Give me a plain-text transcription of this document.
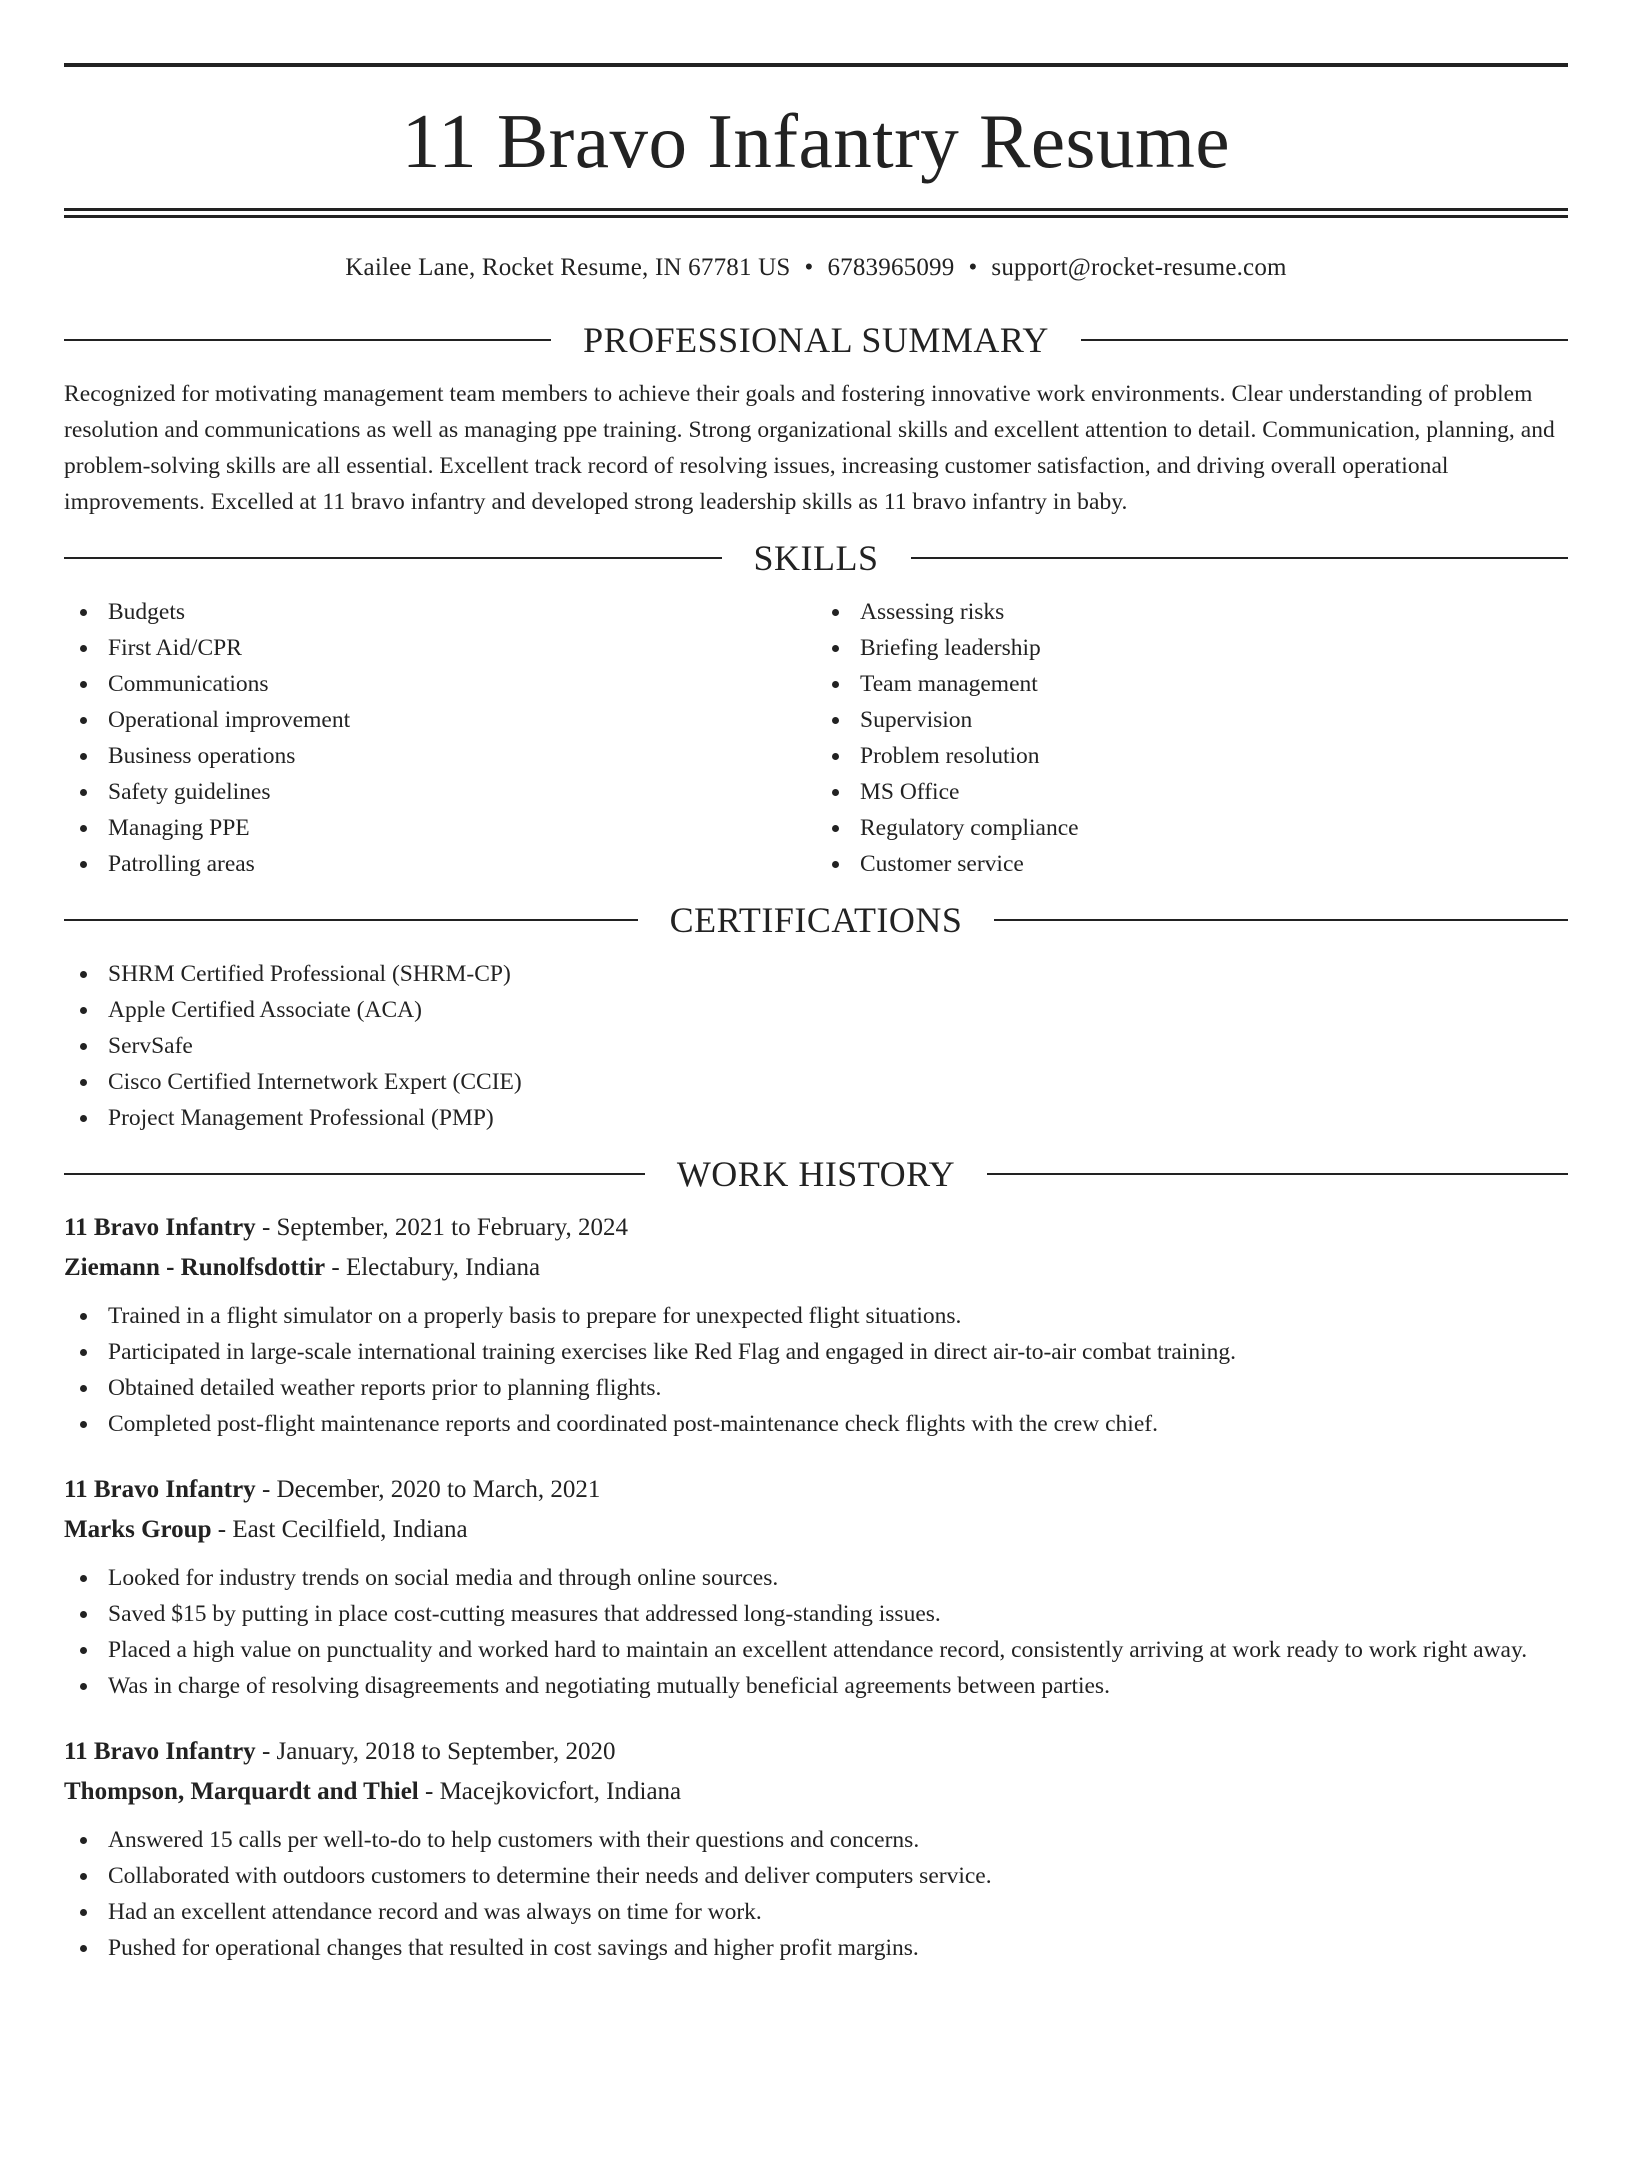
11 Bravo Infantry Resume
Kailee Lane, Rocket Resume, IN 67781 US • 6783965099 • support@rocket-resume.com
PROFESSIONAL SUMMARY
Recognized for motivating management team members to achieve their goals and fostering innovative work environments. Clear understanding of problem resolution and communications as well as managing ppe training. Strong organizational skills and excellent attention to detail. Communication, planning, and problem-solving skills are all essential. Excellent track record of resolving issues, increasing customer satisfaction, and driving overall operational improvements. Excelled at 11 bravo infantry and developed strong leadership skills as 11 bravo infantry in baby.
SKILLS
Budgets
First Aid/CPR
Communications
Operational improvement
Business operations
Safety guidelines
Managing PPE
Patrolling areas
Assessing risks
Briefing leadership
Team management
Supervision
Problem resolution
MS Office
Regulatory compliance
Customer service
CERTIFICATIONS
SHRM Certified Professional (SHRM-CP)
Apple Certified Associate (ACA)
ServSafe
Cisco Certified Internetwork Expert (CCIE)
Project Management Professional (PMP)
WORK HISTORY
11 Bravo Infantry - September, 2021 to February, 2024
Ziemann - Runolfsdottir - Electabury, Indiana
Trained in a flight simulator on a properly basis to prepare for unexpected flight situations.
Participated in large-scale international training exercises like Red Flag and engaged in direct air-to-air combat training.
Obtained detailed weather reports prior to planning flights.
Completed post-flight maintenance reports and coordinated post-maintenance check flights with the crew chief.
11 Bravo Infantry - December, 2020 to March, 2021
Marks Group - East Cecilfield, Indiana
Looked for industry trends on social media and through online sources.
Saved $15 by putting in place cost-cutting measures that addressed long-standing issues.
Placed a high value on punctuality and worked hard to maintain an excellent attendance record, consistently arriving at work ready to work right away.
Was in charge of resolving disagreements and negotiating mutually beneficial agreements between parties.
11 Bravo Infantry - January, 2018 to September, 2020
Thompson, Marquardt and Thiel - Macejkovicfort, Indiana
Answered 15 calls per well-to-do to help customers with their questions and concerns.
Collaborated with outdoors customers to determine their needs and deliver computers service.
Had an excellent attendance record and was always on time for work.
Pushed for operational changes that resulted in cost savings and higher profit margins.
